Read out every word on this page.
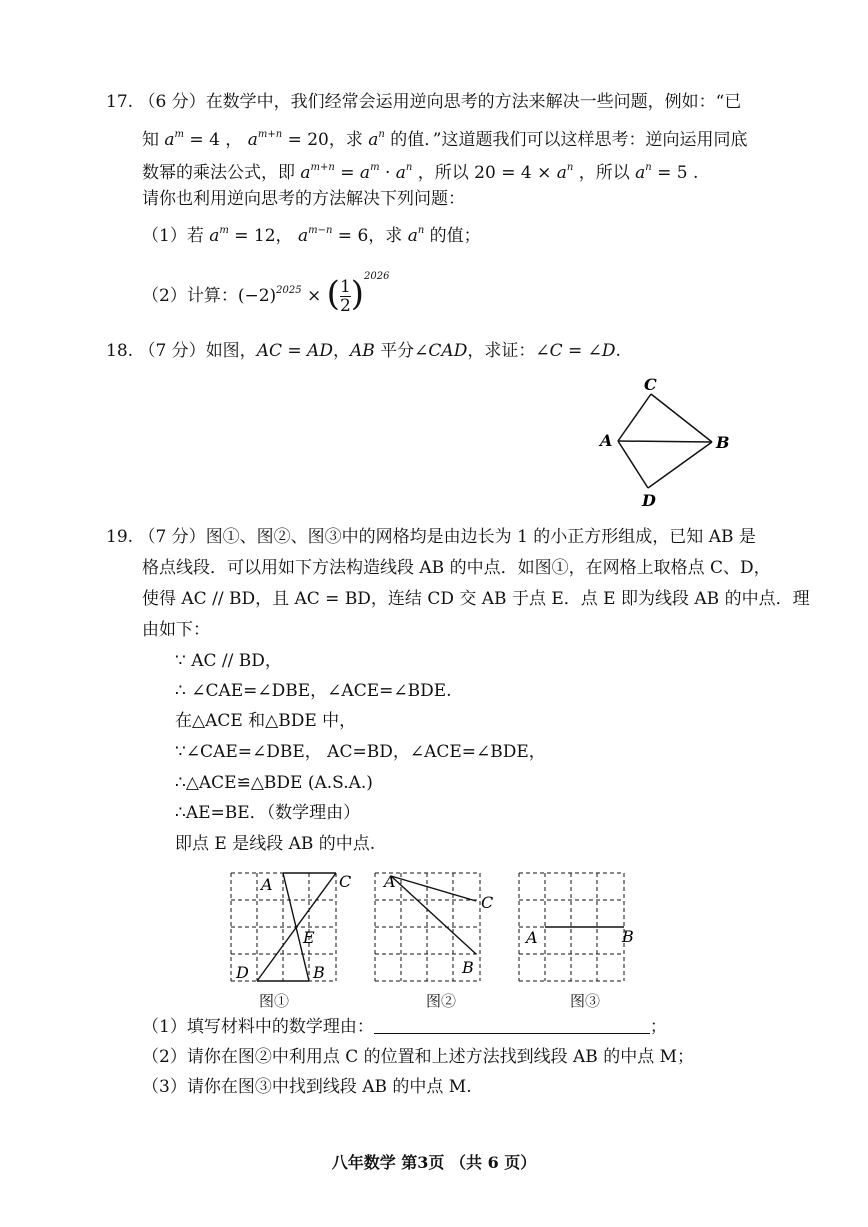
17. （6 分）在数学中，我们经常会运用逆向思考的方法来解决一些问题，例如：“已
知 $a^m = 4$ ， $a^{m+n} = 20$，求 $a^n$ 的值．”这道题我们可以这样思考：逆向运用同底
数幂的乘法公式，即 $a^{m+n} = a^m \cdot a^n$ ，所以 $20 = 4 \times a^n$ ，所以 $a^n = 5$ .
请你也利用逆向思考的方法解决下列问题：
（1）若 $a^m = 12$， $a^{m-n} = 6$，求 $a^n$ 的值；
（2）计算：$(-2)^{2025}$ × ( $\frac{1}{2} )^{2026}$
18. （7 分）如图，AC = AD，AB 平分∠CAD，求证：∠C = ∠D.
C
A	B
D
19. （7 分）图①、图②、图③中的网格均是由边长为 1 的小正方形组成，已知 AB 是
格点线段．可以用如下方法构造线段 AB 的中点．如图①，在网格上取格点 C、D，
使得 AC // BD，且 AC = BD，连结 CD 交 AB 于点 E．点 E 即为线段 AB 的中点．理
由如下：
∵ AC // BD，
∴ ∠CAE=∠DBE，∠ACE=∠BDE.
在△ACE 和△BDE 中，
∵∠CAE=∠DBE， AC=BD，∠ACE=∠BDE，
∴△ACE≌△BDE (A.S.A.)
∴AE=BE．（数学理由）
即点 E 是线段 AB 的中点.
A	C
E
D	B
图①
A
C
B
图②
A	B
图③
（1）填写材料中的数学理由：	；
（2）请你在图②中利用点 C 的位置和上述方法找到线段 AB 的中点 M；
（3）请你在图③中找到线段 AB 的中点 M.
八年数学 第3页 （共 6 页）
